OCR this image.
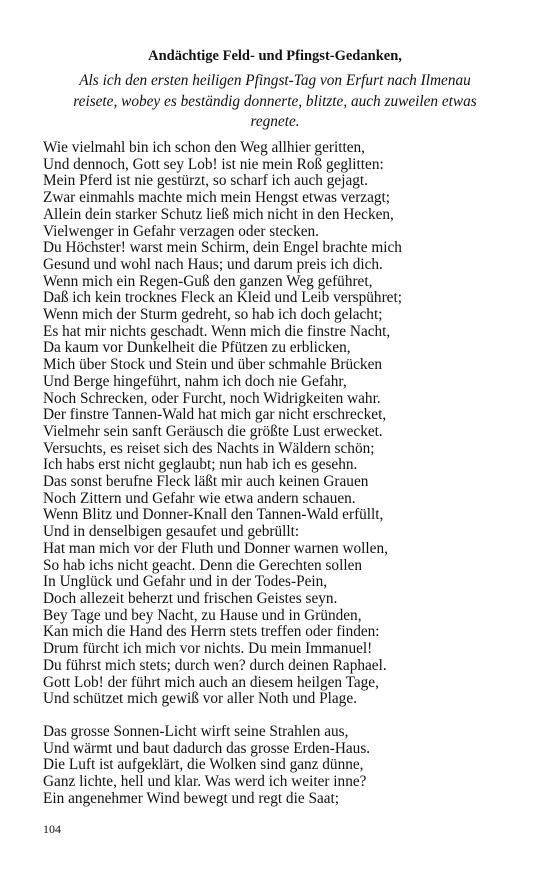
Andächtige Feld- und Pfingst-Gedanken,
Als ich den ersten heiligen Pfingst-Tag von Erfurt nach Ilmenau
reisete, wobey es beständig donnerte, blitzte, auch zuweilen etwas
regnete.
Wie vielmahl bin ich schon den Weg allhier geritten,
Und dennoch, Gott sey Lob! ist nie mein Roß geglitten:
Mein Pferd ist nie gestürzt, so scharf ich auch gejagt.
Zwar einmahls machte mich mein Hengst etwas verzagt;
Allein dein starker Schutz ließ mich nicht in den Hecken,
Vielwenger in Gefahr verzagen oder stecken.
Du Höchster! warst mein Schirm, dein Engel brachte mich
Gesund und wohl nach Haus; und darum preis ich dich.
Wenn mich ein Regen-Guß den ganzen Weg geführet,
Daß ich kein trocknes Fleck an Kleid und Leib verspühret;
Wenn mich der Sturm gedreht, so hab ich doch gelacht;
Es hat mir nichts geschadt. Wenn mich die finstre Nacht,
Da kaum vor Dunkelheit die Pfützen zu erblicken,
Mich über Stock und Stein und über schmahle Brücken
Und Berge hingeführt, nahm ich doch nie Gefahr,
Noch Schrecken, oder Furcht, noch Widrigkeiten wahr.
Der finstre Tannen-Wald hat mich gar nicht erschrecket,
Vielmehr sein sanft Geräusch die größte Lust erwecket.
Versuchts, es reiset sich des Nachts in Wäldern schön;
Ich habs erst nicht geglaubt; nun hab ich es gesehn.
Das sonst berufne Fleck läßt mir auch keinen Grauen
Noch Zittern und Gefahr wie etwa andern schauen.
Wenn Blitz und Donner-Knall den Tannen-Wald erfüllt,
Und in denselbigen gesaufet und gebrüllt:
Hat man mich vor der Fluth und Donner warnen wollen,
So hab ichs nicht geacht. Denn die Gerechten sollen
In Unglück und Gefahr und in der Todes-Pein,
Doch allezeit beherzt und frischen Geistes seyn.
Bey Tage und bey Nacht, zu Hause und in Gründen,
Kan mich die Hand des Herrn stets treffen oder finden:
Drum fürcht ich mich vor nichts. Du mein Immanuel!
Du führst mich stets; durch wen? durch deinen Raphael.
Gott Lob! der führt mich auch an diesem heilgen Tage,
Und schützet mich gewiß vor aller Noth und Plage.
Das grosse Sonnen-Licht wirft seine Strahlen aus,
Und wärmt und baut dadurch das grosse Erden-Haus.
Die Luft ist aufgeklärt, die Wolken sind ganz dünne,
Ganz lichte, hell und klar. Was werd ich weiter inne?
Ein angenehmer Wind bewegt und regt die Saat;
104
